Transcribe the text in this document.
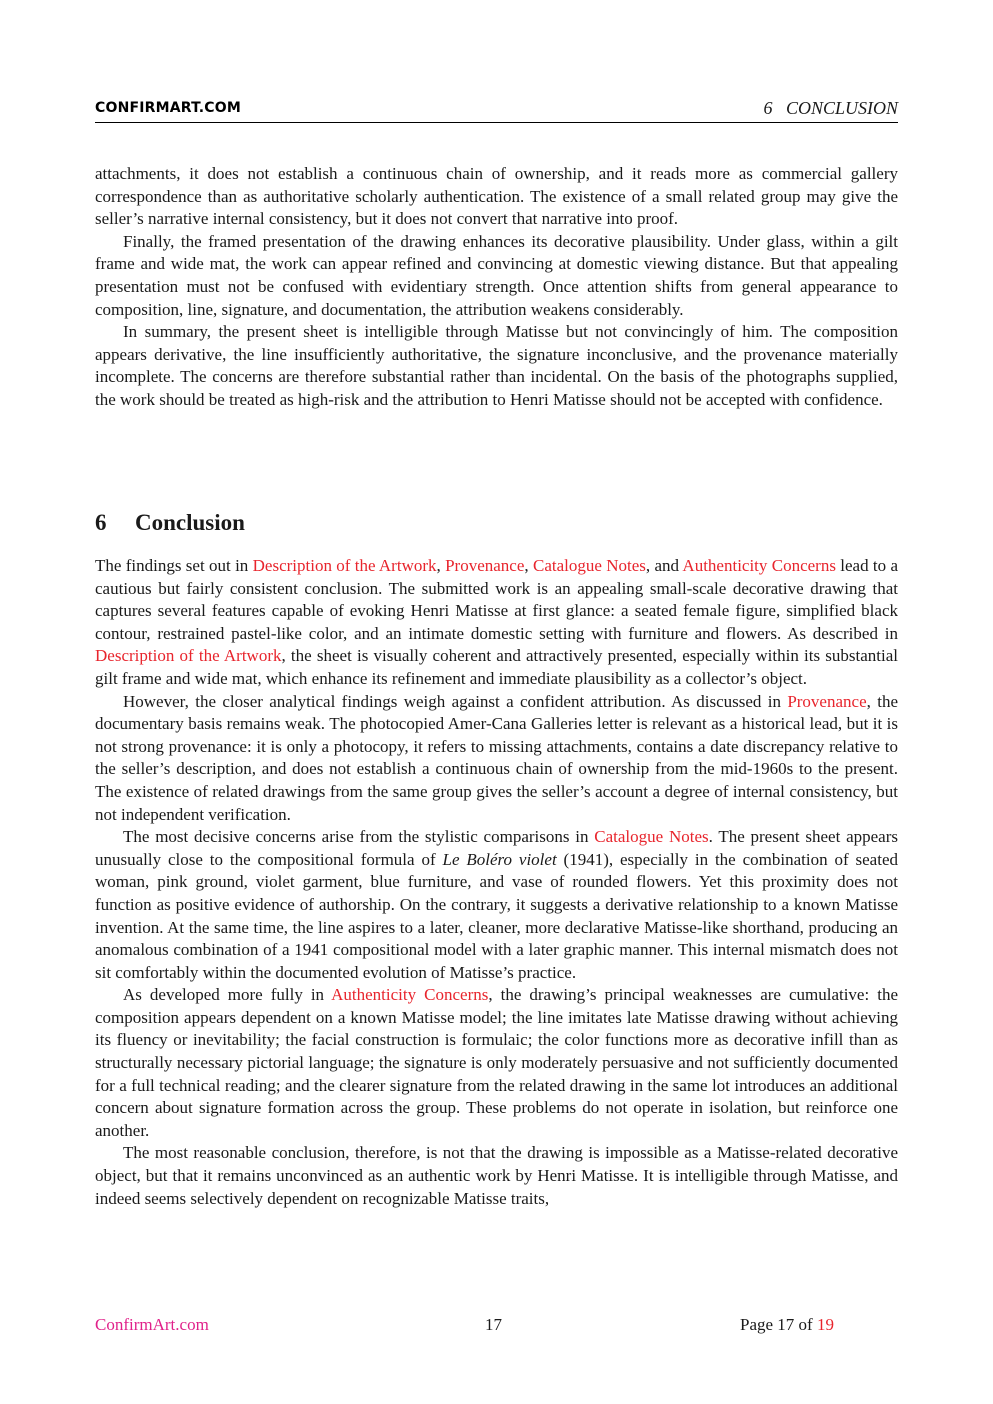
CONFIRMART.COM	6   CONCLUSION

attachments, it does not establish a continuous chain of ownership, and it reads more as commercial gallery correspondence than as authoritative scholarly authentication. The existence of a small related group may give the seller’s narrative internal consistency, but it does not convert that narrative into proof.

Finally, the framed presentation of the drawing enhances its decorative plausibility. Under glass, within a gilt frame and wide mat, the work can appear refined and convincing at domestic viewing distance. But that appealing presentation must not be confused with evidentiary strength. Once attention shifts from general appearance to composition, line, signature, and documentation, the attribution weakens considerably.

In summary, the present sheet is intelligible through Matisse but not convincingly of him. The composition appears derivative, the line insufficiently authoritative, the signature inconclusive, and the provenance materially incomplete. The concerns are therefore substantial rather than incidental. On the basis of the photographs supplied, the work should be treated as high-risk and the attribution to Henri Matisse should not be accepted with confidence.

6 Conclusion

The findings set out in Description of the Artwork, Provenance, Catalogue Notes, and Authenticity Concerns lead to a cautious but fairly consistent conclusion. The submitted work is an appealing small-scale decorative drawing that captures several features capable of evoking Henri Matisse at first glance: a seated female figure, simplified black contour, restrained pastel-like color, and an intimate domestic setting with furniture and flowers. As described in Description of the Artwork, the sheet is visually coherent and attractively presented, especially within its substantial gilt frame and wide mat, which enhance its refinement and immediate plausibility as a collector’s object.

However, the closer analytical findings weigh against a confident attribution. As discussed in Provenance, the documentary basis remains weak. The photocopied Amer-Cana Galleries letter is relevant as a historical lead, but it is not strong provenance: it is only a photocopy, it refers to missing attachments, contains a date discrepancy relative to the seller’s description, and does not establish a continuous chain of ownership from the mid-1960s to the present. The existence of related drawings from the same group gives the seller’s account a degree of internal consistency, but not independent verification.

The most decisive concerns arise from the stylistic comparisons in Catalogue Notes. The present sheet appears unusually close to the compositional formula of Le Boléro violet (1941), especially in the combination of seated woman, pink ground, violet garment, blue furniture, and vase of rounded flowers. Yet this proximity does not function as positive evidence of authorship. On the contrary, it suggests a derivative relationship to a known Matisse invention. At the same time, the line aspires to a later, cleaner, more declarative Matisse-like shorthand, producing an anomalous combination of a 1941 compositional model with a later graphic manner. This internal mismatch does not sit comfortably within the documented evolution of Matisse’s practice.

As developed more fully in Authenticity Concerns, the drawing’s principal weaknesses are cumulative: the composition appears dependent on a known Matisse model; the line imitates late Matisse drawing without achieving its fluency or inevitability; the facial construction is formulaic; the color functions more as decorative infill than as structurally necessary pictorial language; the signature is only moderately persuasive and not sufficiently documented for a full technical reading; and the clearer signature from the related drawing in the same lot introduces an additional concern about signature formation across the group. These problems do not operate in isolation, but reinforce one another.

The most reasonable conclusion, therefore, is not that the drawing is impossible as a Matisse-related decorative object, but that it remains unconvinced as an authentic work by Henri Matisse. It is intelligible through Matisse, and indeed seems selectively dependent on recognizable Matisse traits,

ConfirmArt.com	17	Page 17 of 19
